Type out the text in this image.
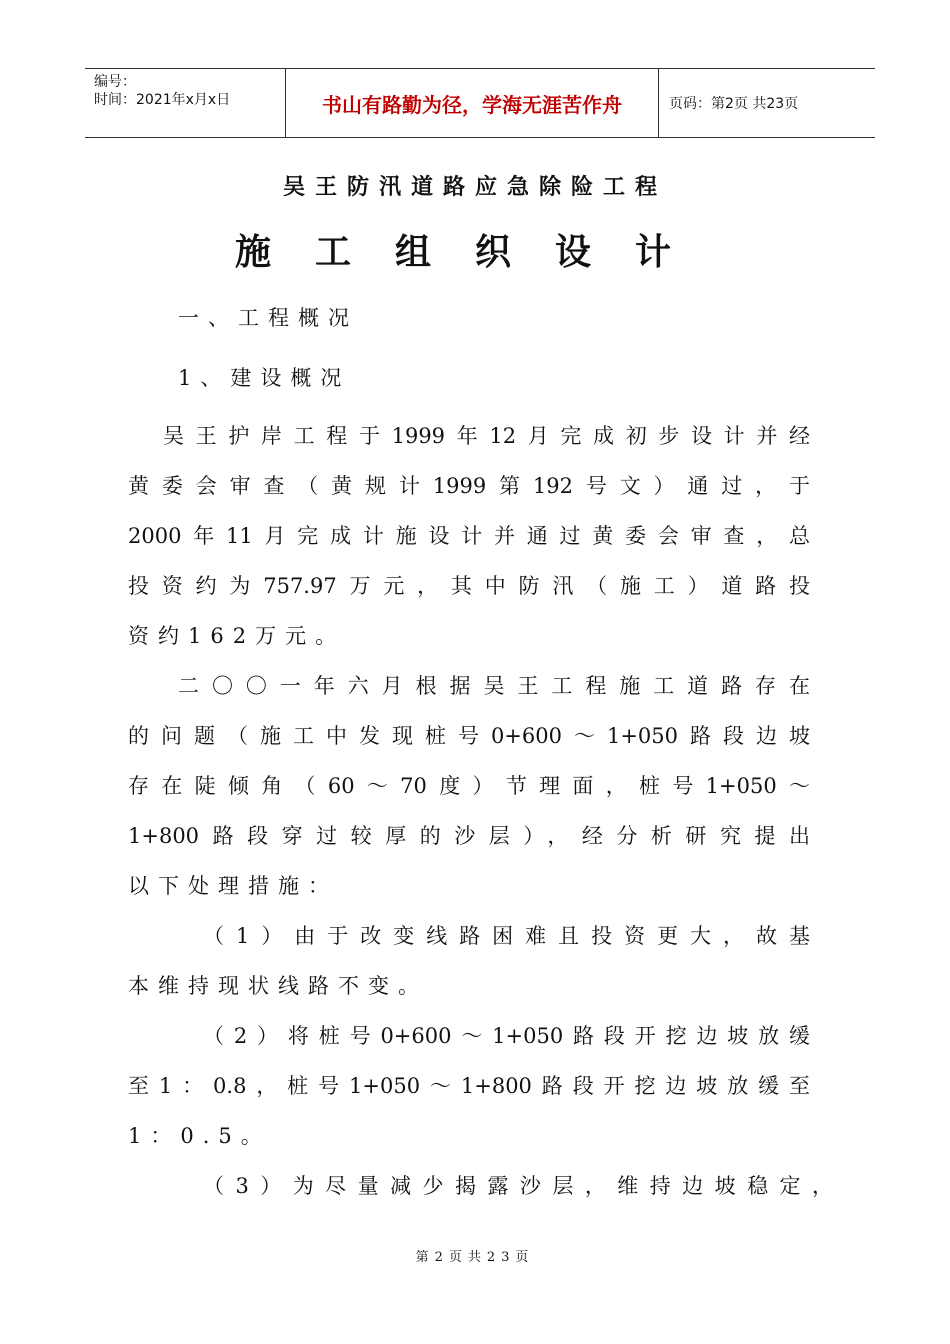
编号：
时间：2021年x月x日	书山有路勤为径，学海无涯苦作舟	页码：第2页 共23页
吴王防汛道路应急除险工程
施工组织设计
一、工程概况
1、建设概况
吴王护岸工程于1999年12月完成初步设计并经
黄委会审查（黄规计1999第192号文）通过，于
2000年11月完成计施设计并通过黄委会审查，总
投资约为757.97万元，其中防汛（施工）道路投
资约162万元。
二〇〇一年六月根据吴王工程施工道路存在
的问题（施工中发现桩号0+600～1+050路段边坡
存在陡倾角（60～70度）节理面，桩号1+050～
1+800路段穿过较厚的沙层），经分析研究提出
以下处理措施：
（1）由于改变线路困难且投资更大，故基
本维持现状线路不变。
（2）将桩号0+600～1+050路段开挖边坡放缓
至1：0.8，桩号1+050～1+800路段开挖边坡放缓至
1：0.5。
（3）为尽量减少揭露沙层，维持边坡稳定，
第2页共23页
